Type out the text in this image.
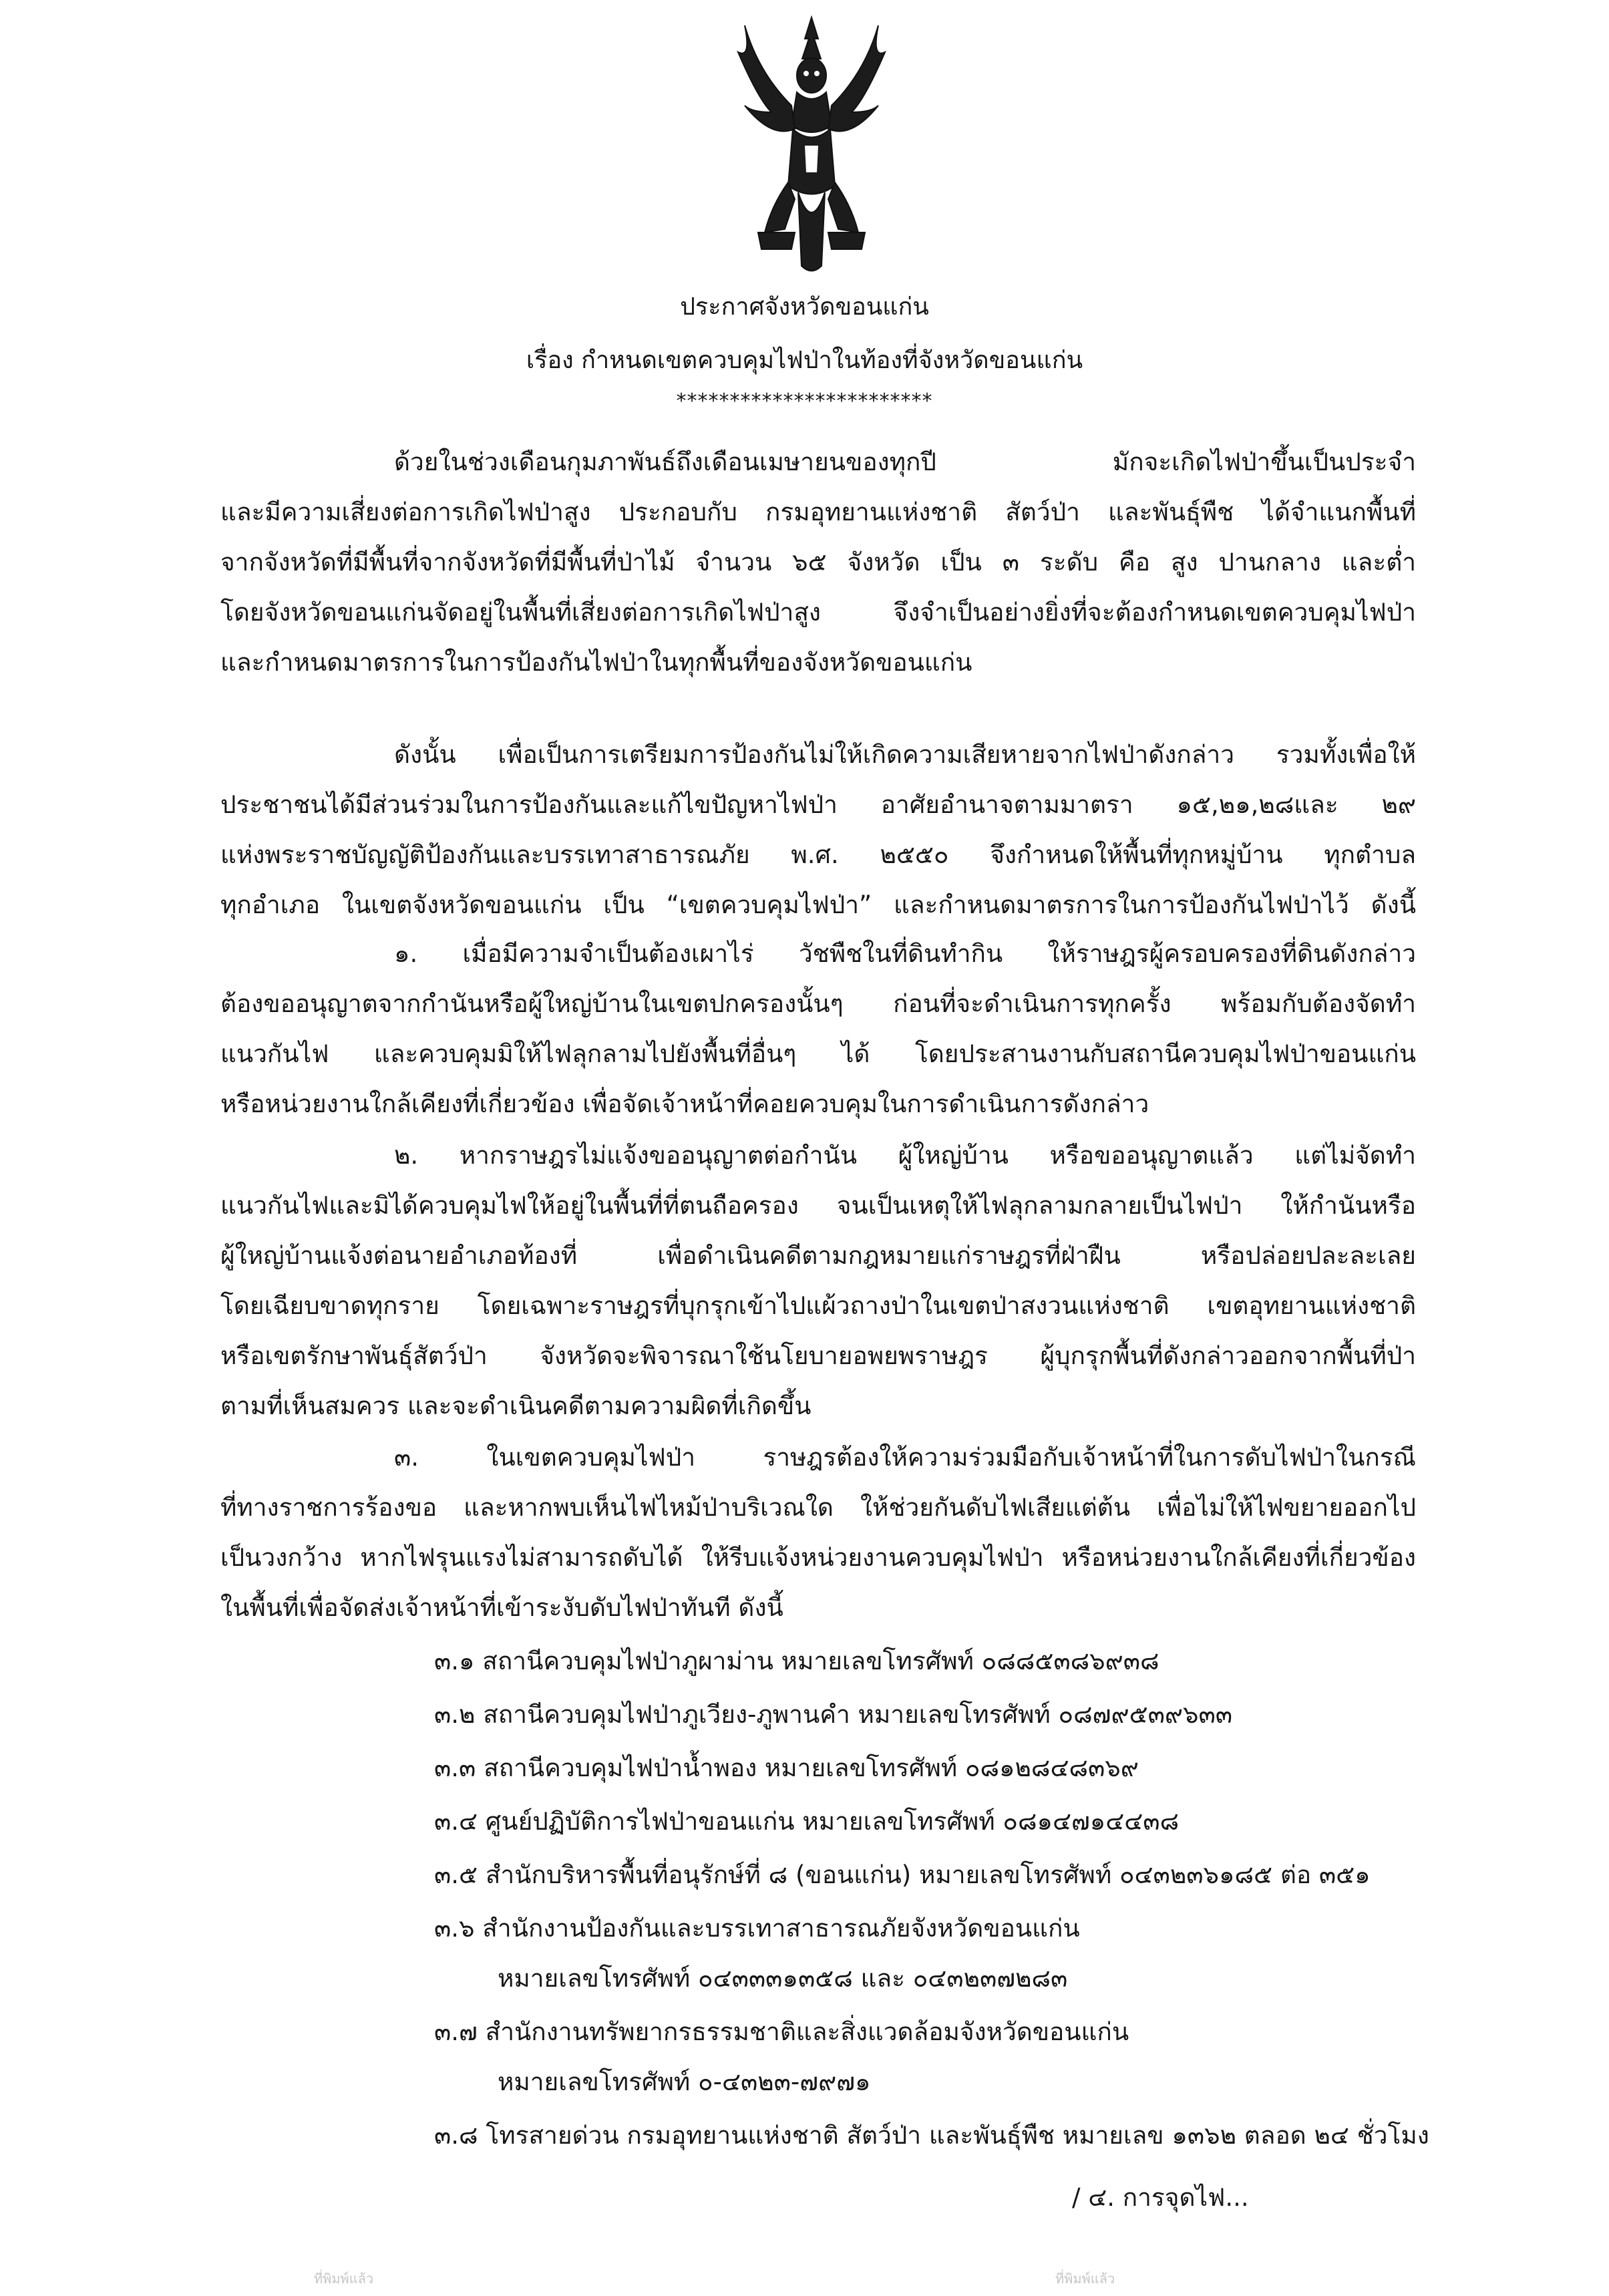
ประกาศจังหวัดขอนแก่น
เรื่อง กำหนดเขตควบคุมไฟป่าในท้องที่จังหวัดขอนแก่น
************************

ด้วยในช่วงเดือนกุมภาพันธ์ถึงเดือนเมษายนของทุกปี มักจะเกิดไฟป่าขึ้นเป็นประจำ

และมีความเสี่ยงต่อการเกิดไฟป่าสูง ประกอบกับ กรมอุทยานแห่งชาติ สัตว์ป่า และพันธุ์พืช ได้จำแนกพื้นที่

จากจังหวัดที่มีพื้นที่จากจังหวัดที่มีพื้นที่ป่าไม้ จำนวน ๖๕ จังหวัด เป็น ๓ ระดับ คือ สูง ปานกลาง และต่ำ

โดยจังหวัดขอนแก่นจัดอยู่ในพื้นที่เสี่ยงต่อการเกิดไฟป่าสูง จึงจำเป็นอย่างยิ่งที่จะต้องกำหนดเขตควบคุมไฟป่า

และกำหนดมาตรการในการป้องกันไฟป่าในทุกพื้นที่ของจังหวัดขอนแก่น

ดังนั้น เพื่อเป็นการเตรียมการป้องกันไม่ให้เกิดความเสียหายจากไฟป่าดังกล่าว รวมทั้งเพื่อให้

ประชาชนได้มีส่วนร่วมในการป้องกันและแก้ไขปัญหาไฟป่า อาศัยอำนาจตามมาตรา ๑๕,๒๑,๒๘และ ๒๙

แห่งพระราชบัญญัติป้องกันและบรรเทาสาธารณภัย พ.ศ. ๒๕๕๐ จึงกำหนดให้พื้นที่ทุกหมู่บ้าน ทุกตำบล

ทุกอำเภอ ในเขตจังหวัดขอนแก่น เป็น “เขตควบคุมไฟป่า” และกำหนดมาตรการในการป้องกันไฟป่าไว้ ดังนี้

๑. เมื่อมีความจำเป็นต้องเผาไร่ วัชพืชในที่ดินทำกิน ให้ราษฎรผู้ครอบครองที่ดินดังกล่าว

ต้องขออนุญาตจากกำนันหรือผู้ใหญ่บ้านในเขตปกครองนั้นๆ ก่อนที่จะดำเนินการทุกครั้ง พร้อมกับต้องจัดทำ

แนวกันไฟ และควบคุมมิให้ไฟลุกลามไปยังพื้นที่อื่นๆ ได้ โดยประสานงานกับสถานีควบคุมไฟป่าขอนแก่น

หรือหน่วยงานใกล้เคียงที่เกี่ยวข้อง เพื่อจัดเจ้าหน้าที่คอยควบคุมในการดำเนินการดังกล่าว

๒. หากราษฎรไม่แจ้งขออนุญาตต่อกำนัน ผู้ใหญ่บ้าน หรือขออนุญาตแล้ว แต่ไม่จัดทำ

แนวกันไฟและมิได้ควบคุมไฟให้อยู่ในพื้นที่ที่ตนถือครอง จนเป็นเหตุให้ไฟลุกลามกลายเป็นไฟป่า ให้กำนันหรือ

ผู้ใหญ่บ้านแจ้งต่อนายอำเภอท้องที่ เพื่อดำเนินคดีตามกฎหมายแก่ราษฎรที่ฝ่าฝืน หรือปล่อยปละละเลย

โดยเฉียบขาดทุกราย โดยเฉพาะราษฎรที่บุกรุกเข้าไปแผ้วถางป่าในเขตป่าสงวนแห่งชาติ เขตอุทยานแห่งชาติ

หรือเขตรักษาพันธุ์สัตว์ป่า จังหวัดจะพิจารณาใช้นโยบายอพยพราษฎร ผู้บุกรุกพื้นที่ดังกล่าวออกจากพื้นที่ป่า

ตามที่เห็นสมควร และจะดำเนินคดีตามความผิดที่เกิดขึ้น

๓. ในเขตควบคุมไฟป่า ราษฎรต้องให้ความร่วมมือกับเจ้าหน้าที่ในการดับไฟป่าในกรณี

ที่ทางราชการร้องขอ และหากพบเห็นไฟไหม้ป่าบริเวณใด ให้ช่วยกันดับไฟเสียแต่ต้น เพื่อไม่ให้ไฟขยายออกไป

เป็นวงกว้าง หากไฟรุนแรงไม่สามารถดับได้ ให้รีบแจ้งหน่วยงานควบคุมไฟป่า หรือหน่วยงานใกล้เคียงที่เกี่ยวข้อง

ในพื้นที่เพื่อจัดส่งเจ้าหน้าที่เข้าระงับดับไฟป่าทันที ดังนี้

๓.๑ สถานีควบคุมไฟป่าภูผาม่าน หมายเลขโทรศัพท์ ๐๘๘๕๓๘๖๙๓๘

๓.๒ สถานีควบคุมไฟป่าภูเวียง-ภูพานคำ หมายเลขโทรศัพท์ ๐๘๗๙๕๓๙๖๓๓

๓.๓ สถานีควบคุมไฟป่าน้ำพอง หมายเลขโทรศัพท์ ๐๘๑๒๘๔๘๓๖๙

๓.๔ ศูนย์ปฏิบัติการไฟป่าขอนแก่น หมายเลขโทรศัพท์ ๐๘๑๔๗๑๔๔๓๘

๓.๕ สำนักบริหารพื้นที่อนุรักษ์ที่ ๘ (ขอนแก่น) หมายเลขโทรศัพท์ ๐๔๓๒๓๖๑๘๕ ต่อ ๓๕๑

๓.๖ สำนักงานป้องกันและบรรเทาสาธารณภัยจังหวัดขอนแก่น

หมายเลขโทรศัพท์ ๐๔๓๓๓๑๓๕๘ และ ๐๔๓๒๓๗๒๘๓

๓.๗ สำนักงานทรัพยากรธรรมชาติและสิ่งแวดล้อมจังหวัดขอนแก่น

หมายเลขโทรศัพท์ ๐-๔๓๒๓-๗๙๗๑

๓.๘ โทรสายด่วน กรมอุทยานแห่งชาติ สัตว์ป่า และพันธุ์พืช หมายเลข ๑๓๖๒ ตลอด ๒๔ ชั่วโมง

/ ๔. การจุดไฟ...

ที่พิมพ์แล้ว	ที่พิมพ์แล้ว
